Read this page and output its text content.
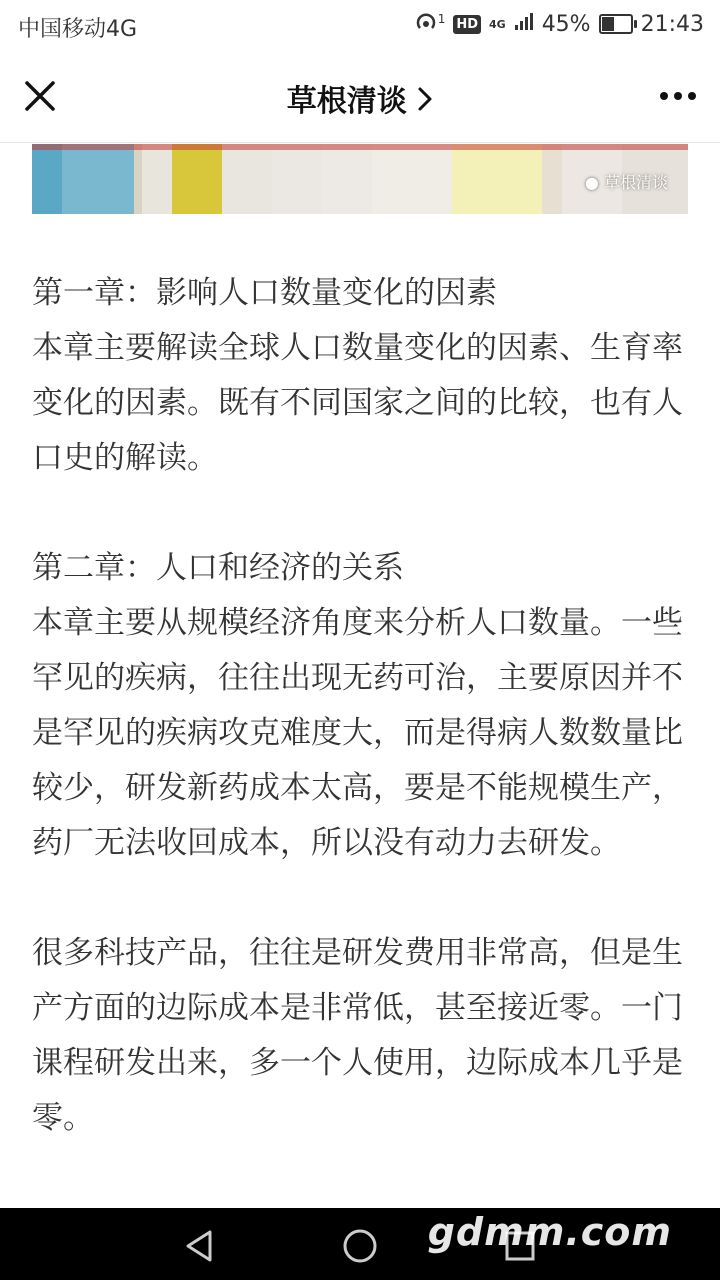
中国移动4G	1 HD 4G 45% 21:43
草根清谈
● 草根清谈

第一章：影响人口数量变化的因素
本章主要解读全球人口数量变化的因素、生育率变化的因素。既有不同国家之间的比较，也有人口史的解读。

第二章：人口和经济的关系
本章主要从规模经济角度来分析人口数量。一些罕见的疾病，往往出现无药可治，主要原因并不是罕见的疾病攻克难度大，而是得病人数数量比较少，研发新药成本太高，要是不能规模生产，药厂无法收回成本，所以没有动力去研发。

很多科技产品，往往是研发费用非常高，但是生产方面的边际成本是非常低，甚至接近零。一门课程研发出来，多一个人使用，边际成本几乎是零。

gdmm.com
